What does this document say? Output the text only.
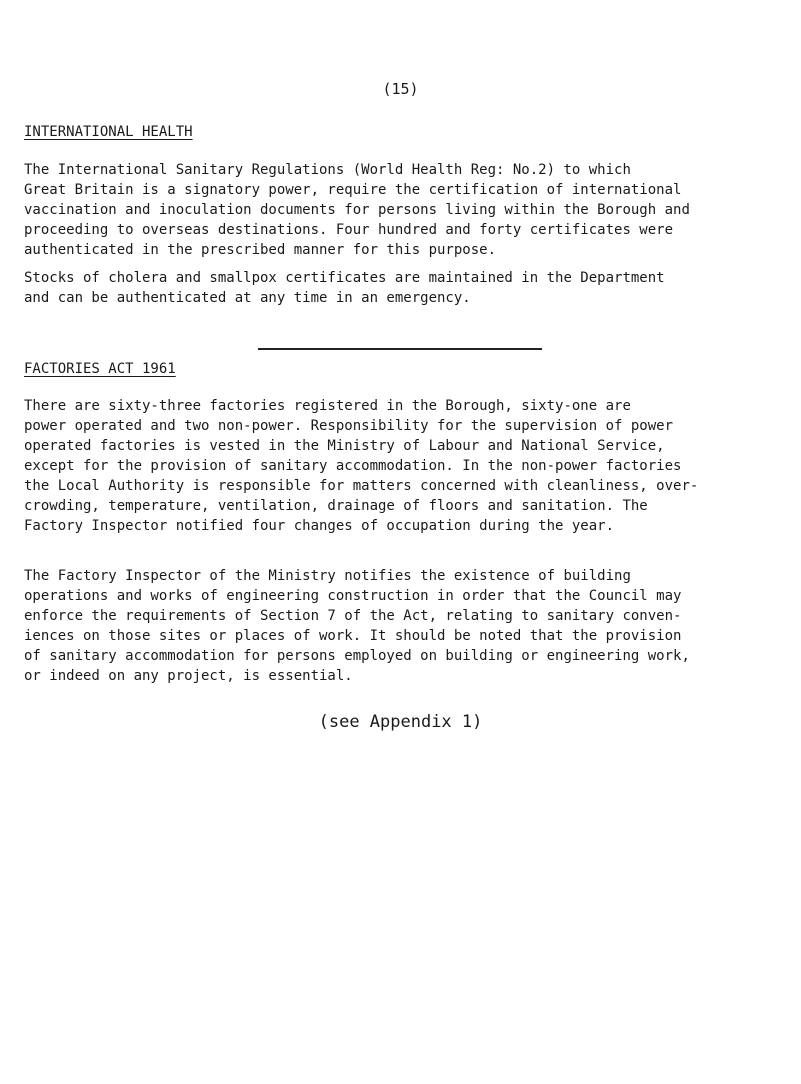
(15)
INTERNATIONAL HEALTH

The International Sanitary Regulations (World Health Reg: No.2) to which
Great Britain is a signatory power, require the certification of international
vaccination and inoculation documents for persons living within the Borough and
proceeding to overseas destinations. Four hundred and forty certificates were
authenticated in the prescribed manner for this purpose.

Stocks of cholera and smallpox certificates are maintained in the Department
and can be authenticated at any time in an emergency.

FACTORIES ACT 1961

There are sixty-three factories registered in the Borough, sixty-one are
power operated and two non-power. Responsibility for the supervision of power
operated factories is vested in the Ministry of Labour and National Service,
except for the provision of sanitary accommodation. In the non-power factories
the Local Authority is responsible for matters concerned with cleanliness, over-
crowding, temperature, ventilation, drainage of floors and sanitation. The
Factory Inspector notified four changes of occupation during the year.

The Factory Inspector of the Ministry notifies the existence of building
operations and works of engineering construction in order that the Council may
enforce the requirements of Section 7 of the Act, relating to sanitary conven-
iences on those sites or places of work. It should be noted that the provision
of sanitary accommodation for persons employed on building or engineering work,
or indeed on any project, is essential.

(see Appendix 1)
